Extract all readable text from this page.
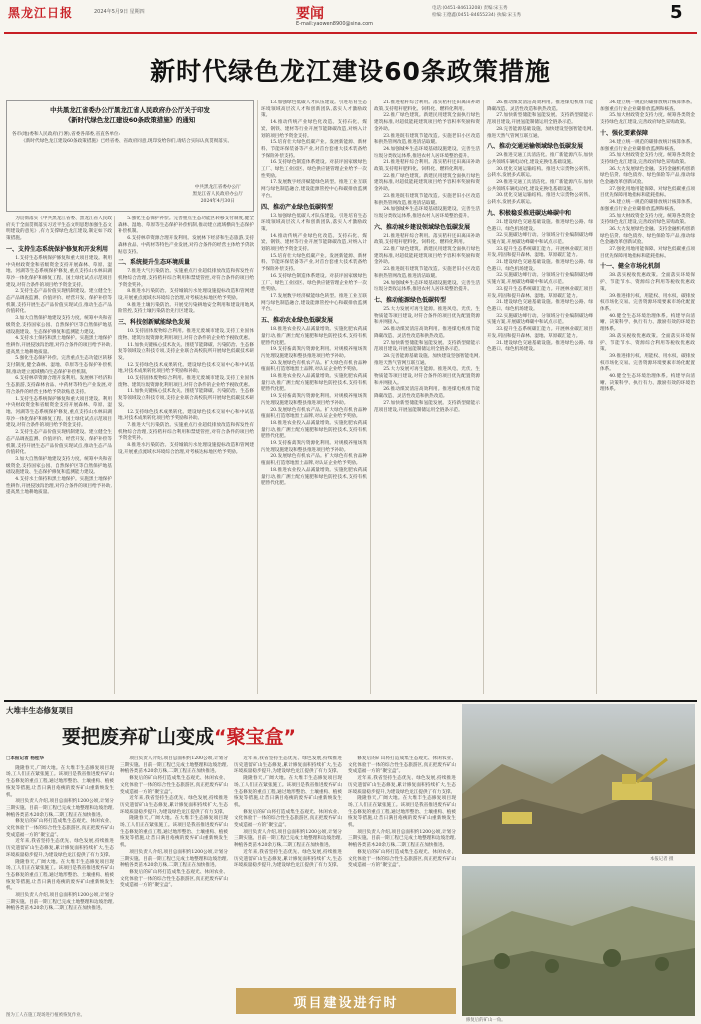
黑龙江日报	2024年5月9日 星期四	要闻
E-mail:yaowen8900@sina.com
电话:(0451-84613208) 责编:宋玉秀
检编:王德鑫(0451-84655234) 执编:宋玉秀	5
新时代绿色龙江建设60条政策措施
中共黑龙江省委办公厅黑龙江省人民政府办公厅关于印发
《新时代绿色龙江建设60条政策措施》的通知

各市(地)委和人民政府(行署),省委各部委,省直各单位:

《新时代绿色龙江建设60条政策措施》已经省委、省政府同意,现印发给你们,请结合实际认真贯彻落实。

中共黑龙江省委办公厅
黑龙江省人民政府办公厅
2024年4月30日

为贯彻落实《中共黑龙江省委、黑龙江省人民政府关于全面贯彻落实习近平生态文明思想加强生态文明建设的意见》,有力支撑绿色龙江建设,制定如下政策措施。

一、支持生态系统保护修复和开发利用

1.支持生态系统保护修复和重大项目建设。利用中央财政资金和省级资金支持开展森林、草原、湿地、河湖等生态系统保护修复,重点支持山水林田湖草沙一体化保护和修复工程、国土绿化试点示范项目建设,对符合条件的项目给予资金支持。

2.支持生态产品价值实现机制建设。建立健全生态产品调查监测、价值评价、经营开发、保护补偿等机制,支持开展生态产品价值实现试点,推动生态产品价值转化。

3.加大自然保护地建设支持力度。统筹中央和省级资金,支持国家公园、自然保护区等自然保护地基础设施建设、生态保护修复和监测能力建设。

4.支持水土保持和黑土地保护。实施黑土地保护性耕作,开展侵蚀沟治理,对符合条件的项目给予补助,提高黑土地耕地质量。

5.强化生态保护补偿。完善重点生态功能区转移支付制度,健全森林、湿地、草原等生态保护补偿机制,推动建立流域横向生态保护补偿机制。

6.支持林草资源合理开发利用。发展林下经济和生态旅游,支持森林食品、中药材等特色产业发展,对符合条件的经营主体给予贷款贴息支持。

1.支持生态系统保护修复和重大项目建设。利用中央财政资金和省级资金支持开展森林、草原、湿地、河湖等生态系统保护修复,重点支持山水林田湖草沙一体化保护和修复工程、国土绿化试点示范项目建设,对符合条件的项目给予资金支持。

2.支持生态产品价值实现机制建设。建立健全生态产品调查监测、价值评价、经营开发、保护补偿等机制,支持开展生态产品价值实现试点,推动生态产品价值转化。

3.加大自然保护地建设支持力度。统筹中央和省级资金,支持国家公园、自然保护区等自然保护地基础设施建设、生态保护修复和监测能力建设。

4.支持水土保持和黑土地保护。实施黑土地保护性耕作,开展侵蚀沟治理,对符合条件的项目给予补助,提高黑土地耕地质量。

5.强化生态保护补偿。完善重点生态功能区转移支付制度,健全森林、湿地、草原等生态保护补偿机制,推动建立流域横向生态保护补偿机制。

6.支持林草资源合理开发利用。发展林下经济和生态旅游,支持森林食品、中药材等特色产业发展,对符合条件的经营主体给予贷款贴息支持。

二、系统提升生态环境质量

7.推进大气污染防治。实施重点行业超低排放改造和挥发性有机物综合治理,支持秸秆综合利用和禁烧管控,对符合条件的项目给予资金奖补。

8.推进水污染防治。支持城镇污水处理设施提标改造和管网建设,开展重点流域水环境综合治理,对考核达标地区给予奖励。

9.推进土壤污染防治。开展受污染耕地安全利用和建设用地风险管控,支持土壤污染防治先行区建设。

三、科技创新赋能绿色发展

10.支持固体废物综合利用。推进无废城市建设,支持工业固体废物、建筑垃圾资源化利用项目,对符合条件的企业给予税收优惠。

11.加快关键核心技术攻关。围绕节能降碳、污染防治、生态修复等领域设立科技专项,支持企业联合高校院所开展绿色低碳技术研发。

12.支持绿色技术成果转化。建设绿色技术交易中心和中试基地,对技术成果转化项目给予奖励和补助。

10.支持固体废物综合利用。推进无废城市建设,支持工业固体废物、建筑垃圾资源化利用项目,对符合条件的企业给予税收优惠。

11.加快关键核心技术攻关。围绕节能降碳、污染防治、生态修复等领域设立科技专项,支持企业联合高校院所开展绿色低碳技术研发。

12.支持绿色技术成果转化。建设绿色技术交易中心和中试基地,对技术成果转化项目给予奖励和补助。

7.推进大气污染防治。实施重点行业超低排放改造和挥发性有机物综合治理,支持秸秆综合利用和禁烧管控,对符合条件的项目给予资金奖补。

8.推进水污染防治。支持城镇污水处理设施提标改造和管网建设,开展重点流域水环境综合治理,对考核达标地区给予奖励。

13.加强绿色低碳人才队伍建设。引进培育生态环境领域高层次人才和创新团队,落实人才激励政策。

14.推动传统产业绿色化改造。支持石化、煤炭、钢铁、建材等行业开展节能降碳改造,对纳入计划的项目给予资金支持。

15.培育壮大绿色低碳产业。发展新能源、新材料、节能环保装备等产业,对首台套重大技术装备给予保险补偿支持。

16.支持绿色制造体系建设。对获评国家级绿色工厂、绿色工业园区、绿色供应链管理企业给予一次性奖励。

17.发展数字经济赋能绿色转型。推进工业互联网与绿色制造融合,建设能源管控中心和碳排放监测平台。

四、推动产业绿色低碳转型

13.加强绿色低碳人才队伍建设。引进培育生态环境领域高层次人才和创新团队,落实人才激励政策。

14.推动传统产业绿色化改造。支持石化、煤炭、钢铁、建材等行业开展节能降碳改造,对纳入计划的项目给予资金支持。

15.培育壮大绿色低碳产业。发展新能源、新材料、节能环保装备等产业,对首台套重大技术装备给予保险补偿支持。

16.支持绿色制造体系建设。对获评国家级绿色工厂、绿色工业园区、绿色供应链管理企业给予一次性奖励。

17.发展数字经济赋能绿色转型。推进工业互联网与绿色制造融合,建设能源管控中心和碳排放监测平台。

五、推动农业绿色低碳发展

18.推进农业投入品减量增效。实施化肥农药减量行动,推广测土配方施肥和绿色防控技术,支持有机肥替代化肥。

19.支持畜禽粪污资源化利用。对规模养殖场粪污处理设施建设和整县推进项目给予补助。

20.发展绿色有机农产品。扩大绿色有机食品种植面积,打造寒地黑土品牌,对认证企业给予奖励。

18.推进农业投入品减量增效。实施化肥农药减量行动,推广测土配方施肥和绿色防控技术,支持有机肥替代化肥。

19.支持畜禽粪污资源化利用。对规模养殖场粪污处理设施建设和整县推进项目给予补助。

20.发展绿色有机农产品。扩大绿色有机食品种植面积,打造寒地黑土品牌,对认证企业给予奖励。

18.推进农业投入品减量增效。实施化肥农药减量行动,推广测土配方施肥和绿色防控技术,支持有机肥替代化肥。

19.支持畜禽粪污资源化利用。对规模养殖场粪污处理设施建设和整县推进项目给予补助。

20.发展绿色有机农产品。扩大绿色有机食品种植面积,打造寒地黑土品牌,对认证企业给予奖励。

18.推进农业投入品减量增效。实施化肥农药减量行动,推广测土配方施肥和绿色防控技术,支持有机肥替代化肥。

21.推进秸秆综合利用。落实秸秆还田离田补助政策,支持秸秆肥料化、饲料化、燃料化利用。

22.推广绿色建筑。新建民用建筑全面执行绿色建筑标准,对超低能耗建筑项目给予容积率奖励和资金补助。

23.推进既有建筑节能改造。实施老旧小区改造和供热管网改造,推进清洁取暖。

24.加强城乡生态环境基础设施建设。完善生活垃圾分类收运体系,推进农村人居环境整治提升。

21.推进秸秆综合利用。落实秸秆还田离田补助政策,支持秸秆肥料化、饲料化、燃料化利用。

22.推广绿色建筑。新建民用建筑全面执行绿色建筑标准,对超低能耗建筑项目给予容积率奖励和资金补助。

23.推进既有建筑节能改造。实施老旧小区改造和供热管网改造,推进清洁取暖。

24.加强城乡生态环境基础设施建设。完善生活垃圾分类收运体系,推进农村人居环境整治提升。

六、推动城乡建设领域绿色低碳发展

21.推进秸秆综合利用。落实秸秆还田离田补助政策,支持秸秆肥料化、饲料化、燃料化利用。

22.推广绿色建筑。新建民用建筑全面执行绿色建筑标准,对超低能耗建筑项目给予容积率奖励和资金补助。

23.推进既有建筑节能改造。实施老旧小区改造和供热管网改造,推进清洁取暖。

24.加强城乡生态环境基础设施建设。完善生活垃圾分类收运体系,推进农村人居环境整治提升。

七、推动能源绿色低碳转型

25.大力发展可再生能源。推进风电、光伏、生物质能等项目建设,对符合条件的项目优先配置资源和并网接入。

26.推动煤炭清洁高效利用。推进煤电机组节能降碳改造、灵活性改造和供热改造。

27.加快新型储能和氢能发展。支持新型储能示范项目建设,开展氢能制储运用全链条示范。

28.完善能源基础设施。加快建设坚强智能电网,推进天然气管网互联互通。

25.大力发展可再生能源。推进风电、光伏、生物质能等项目建设,对符合条件的项目优先配置资源和并网接入。

26.推动煤炭清洁高效利用。推进煤电机组节能降碳改造、灵活性改造和供热改造。

27.加快新型储能和氢能发展。支持新型储能示范项目建设,开展氢能制储运用全链条示范。

26.推动煤炭清洁高效利用。推进煤电机组节能降碳改造、灵活性改造和供热改造。

27.加快新型储能和氢能发展。支持新型储能示范项目建设,开展氢能制储运用全链条示范。

28.完善能源基础设施。加快建设坚强智能电网,推进天然气管网互联互通。

八、推动交通运输领域绿色低碳发展

29.推进交通工具清洁化。推广新能源汽车,加快公共领域车辆电动化,建设充换电基础设施。

30.优化交通运输结构。推进大宗货物公转铁、公转水,发展多式联运。

29.推进交通工具清洁化。推广新能源汽车,加快公共领域车辆电动化,建设充换电基础设施。

30.优化交通运输结构。推进大宗货物公转铁、公转水,发展多式联运。

九、积极稳妥推进碳达峰碳中和

31.建设绿色交通基础设施。推进绿色公路、绿色港口、绿色机场建设。

32.实施碳达峰行动。分领域分行业编制碳达峰实施方案,开展碳达峰碳中和试点示范。

33.提升生态系统碳汇能力。开展林业碳汇项目开发,巩固和提升森林、湿地、草原碳汇能力。

31.建设绿色交通基础设施。推进绿色公路、绿色港口、绿色机场建设。

32.实施碳达峰行动。分领域分行业编制碳达峰实施方案,开展碳达峰碳中和试点示范。

33.提升生态系统碳汇能力。开展林业碳汇项目开发,巩固和提升森林、湿地、草原碳汇能力。

31.建设绿色交通基础设施。推进绿色公路、绿色港口、绿色机场建设。

32.实施碳达峰行动。分领域分行业编制碳达峰实施方案,开展碳达峰碳中和试点示范。

33.提升生态系统碳汇能力。开展林业碳汇项目开发,巩固和提升森林、湿地、草原碳汇能力。

31.建设绿色交通基础设施。推进绿色公路、绿色港口、绿色机场建设。

34.建立统一规范的碳排放统计核算体系。加强重点行业企业碳排放监测和核查。

35.加大财政资金支持力度。统筹各类资金支持绿色龙江建设,完善政府绿色采购政策。

十、强化要素保障

34.建立统一规范的碳排放统计核算体系。加强重点行业企业碳排放监测和核查。

35.加大财政资金支持力度。统筹各类资金支持绿色龙江建设,完善政府绿色采购政策。

36.大力发展绿色金融。支持金融机构创新绿色信贷、绿色债券、绿色保险等产品,推动绿色金融改革创新试验。

37.强化用地用能保障。对绿色低碳重点项目优先保障用地指标和能耗指标。

34.建立统一规范的碳排放统计核算体系。加强重点行业企业碳排放监测和核查。

35.加大财政资金支持力度。统筹各类资金支持绿色龙江建设,完善政府绿色采购政策。

36.大力发展绿色金融。支持金融机构创新绿色信贷、绿色债券、绿色保险等产品,推动绿色金融改革创新试验。

37.强化用地用能保障。对绿色低碳重点项目优先保障用地指标和能耗指标。

十一、健全市场化机制

38.落实税收优惠政策。全面落实环境保护、节能节水、资源综合利用等税收优惠政策。

39.推进排污权、用能权、用水权、碳排放权市场化交易。完善资源环境要素市场化配置体系。

40.健全生态环境治理体系。构建导向清晰、决策科学、执行有力、激励有效的环境治理体系。

38.落实税收优惠政策。全面落实环境保护、节能节水、资源综合利用等税收优惠政策。

39.推进排污权、用能权、用水权、碳排放权市场化交易。完善资源环境要素市场化配置体系。

40.健全生态环境治理体系。构建导向清晰、决策科学、执行有力、激励有效的环境治理体系。

大堆丰生态修复项目
要把废弃矿山变成“聚宝盒”
□本报记者 杨桂华

隆隆春天,广阔大地。在大堆丰生态修复项目现场,工人们正在紧张施工。该项目是我省推进废弃矿山生态修复的重点工程,通过地形整治、土壤重构、植被恢复等措施,让昔日满目疮痍的废弃矿山重新焕发生机。

项目负责人介绍,项目总面积约1200公顷,计划分三期实施。目前一期工程已完成土地整理和边坡治理,种植各类苗木20余万株,二期工程正在加快推进。

修复后的矿山将打造成集生态观光、休闲农业、文化体验于一体的综合性生态旅游区,真正把废弃矿山变成造福一方的“聚宝盒”。

近年来,我省坚持生态优先、绿色发展,持续推进历史遗留矿山生态修复,累计修复面积持续扩大,生态环境质量稳步提升,为建设绿色龙江提供了有力支撑。

隆隆春天,广阔大地。在大堆丰生态修复项目现场,工人们正在紧张施工。该项目是我省推进废弃矿山生态修复的重点工程,通过地形整治、土壤重构、植被恢复等措施,让昔日满目疮痍的废弃矿山重新焕发生机。

项目负责人介绍,项目总面积约1200公顷,计划分三期实施。目前一期工程已完成土地整理和边坡治理,种植各类苗木20余万株,二期工程正在加快推进。

项目负责人介绍,项目总面积约1200公顷,计划分三期实施。目前一期工程已完成土地整理和边坡治理,种植各类苗木20余万株,二期工程正在加快推进。

修复后的矿山将打造成集生态观光、休闲农业、文化体验于一体的综合性生态旅游区,真正把废弃矿山变成造福一方的“聚宝盒”。

近年来,我省坚持生态优先、绿色发展,持续推进历史遗留矿山生态修复,累计修复面积持续扩大,生态环境质量稳步提升,为建设绿色龙江提供了有力支撑。

隆隆春天,广阔大地。在大堆丰生态修复项目现场,工人们正在紧张施工。该项目是我省推进废弃矿山生态修复的重点工程,通过地形整治、土壤重构、植被恢复等措施,让昔日满目疮痍的废弃矿山重新焕发生机。

项目负责人介绍,项目总面积约1200公顷,计划分三期实施。目前一期工程已完成土地整理和边坡治理,种植各类苗木20余万株,二期工程正在加快推进。

修复后的矿山将打造成集生态观光、休闲农业、文化体验于一体的综合性生态旅游区,真正把废弃矿山变成造福一方的“聚宝盒”。

近年来,我省坚持生态优先、绿色发展,持续推进历史遗留矿山生态修复,累计修复面积持续扩大,生态环境质量稳步提升,为建设绿色龙江提供了有力支撑。

隆隆春天,广阔大地。在大堆丰生态修复项目现场,工人们正在紧张施工。该项目是我省推进废弃矿山生态修复的重点工程,通过地形整治、土壤重构、植被恢复等措施,让昔日满目疮痍的废弃矿山重新焕发生机。

修复后的矿山将打造成集生态观光、休闲农业、文化体验于一体的综合性生态旅游区,真正把废弃矿山变成造福一方的“聚宝盒”。

项目负责人介绍,项目总面积约1200公顷,计划分三期实施。目前一期工程已完成土地整理和边坡治理,种植各类苗木20余万株,二期工程正在加快推进。

近年来,我省坚持生态优先、绿色发展,持续推进历史遗留矿山生态修复,累计修复面积持续扩大,生态环境质量稳步提升,为建设绿色龙江提供了有力支撑。

修复后的矿山将打造成集生态观光、休闲农业、文化体验于一体的综合性生态旅游区,真正把废弃矿山变成造福一方的“聚宝盒”。

近年来,我省坚持生态优先、绿色发展,持续推进历史遗留矿山生态修复,累计修复面积持续扩大,生态环境质量稳步提升,为建设绿色龙江提供了有力支撑。

隆隆春天,广阔大地。在大堆丰生态修复项目现场,工人们正在紧张施工。该项目是我省推进废弃矿山生态修复的重点工程,通过地形整治、土壤重构、植被恢复等措施,让昔日满目疮痍的废弃矿山重新焕发生机。

项目负责人介绍,项目总面积约1200公顷,计划分三期实施。目前一期工程已完成土地整理和边坡治理,种植各类苗木20余万株,二期工程正在加快推进。

修复后的矿山将打造成集生态观光、休闲农业、文化体验于一体的综合性生态旅游区,真正把废弃矿山变成造福一方的“聚宝盒”。

本报记者 摄
修复后的矿山一角。
项目建设进行时
图为工人在施工现场进行植被恢复作业。
